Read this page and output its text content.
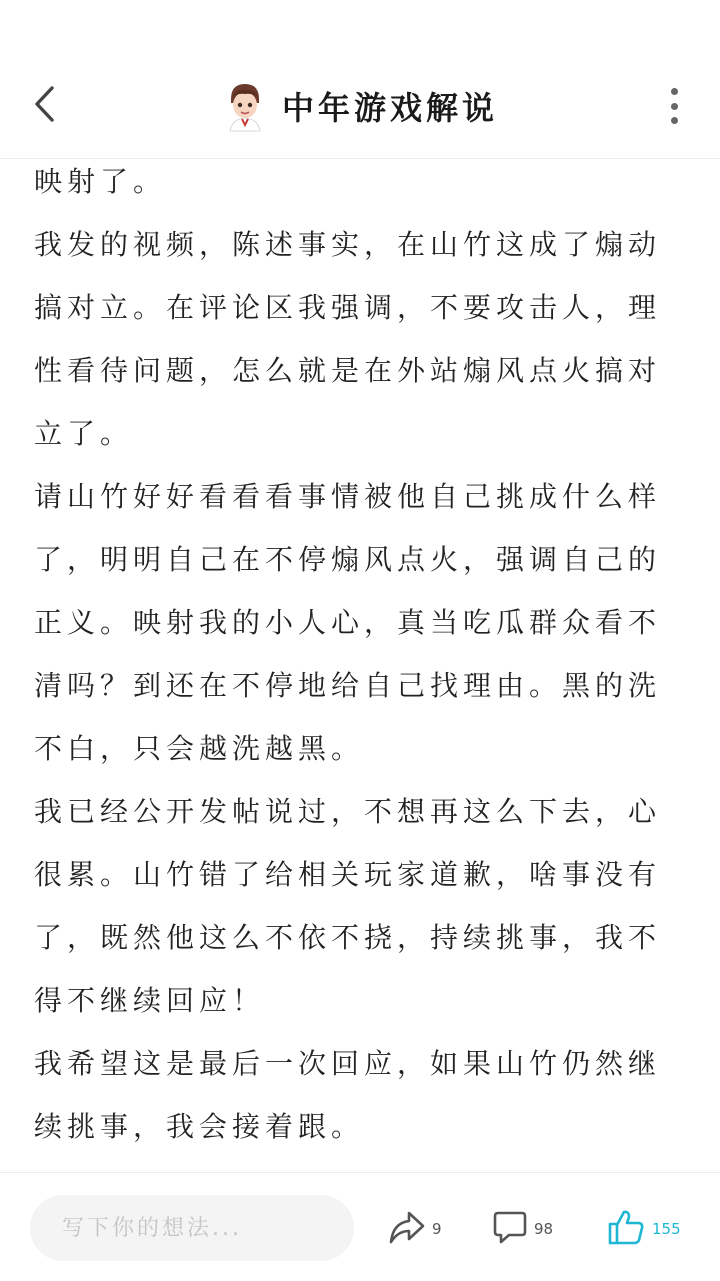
中年游戏解说

映射了。

我发的视频，陈述事实，在山竹这成了煽动搞对立。在评论区我强调，不要攻击人，理性看待问题，怎么就是在外站煽风点火搞对立了。

请山竹好好看看看事情被他自己挑成什么样了，明明自己在不停煽风点火，强调自己的正义。映射我的小人心，真当吃瓜群众看不清吗？到还在不停地给自己找理由。黑的洗不白，只会越洗越黑。

我已经公开发帖说过，不想再这么下去，心很累。山竹错了给相关玩家道歉，啥事没有了，既然他这么不依不挠，持续挑事，我不得不继续回应！

我希望这是最后一次回应，如果山竹仍然继续挑事，我会接着跟。

写下你的想法...
9	98	155
